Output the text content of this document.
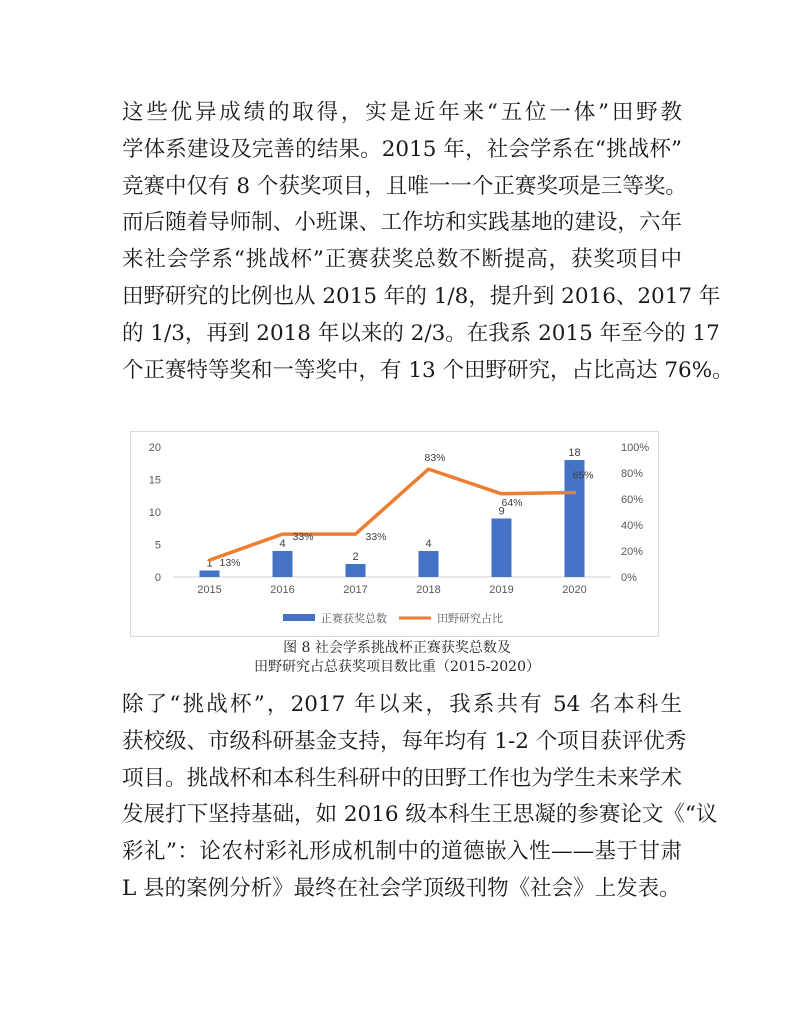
这些优异成绩的取得，实是近年来“五位一体”田野教
学体系建设及完善的结果。2015 年，社会学系在“挑战杯”
竞赛中仅有 8 个获奖项目，且唯一一个正赛奖项是三等奖。
而后随着导师制、小班课、工作坊和实践基地的建设，六年
来社会学系“挑战杯”正赛获奖总数不断提高，获奖项目中
田野研究的比例也从 2015 年的 1/8，提升到 2016、2017 年
的 1/3，再到 2018 年以来的 2/3。在我系 2015 年至今的 17
个正赛特等奖和一等奖中，有 13 个田野研究，占比高达 76%。
0
5
10
15
20
0%
20%
40%
60%
80%
100%
2015	2016	2017	2018	2019	2020
1
4
2
4
9
18
13%
33%	33%
83%
64%
65%
正赛获奖总数	田野研究占比
图 8 社会学系挑战杯正赛获奖总数及
田野研究占总获奖项目数比重（2015-2020）
除了“挑战杯”，2017 年以来，我系共有 54 名本科生
获校级、市级科研基金支持，每年均有 1-2 个项目获评优秀
项目。挑战杯和本科生科研中的田野工作也为学生未来学术
发展打下坚持基础，如 2016 级本科生王思凝的参赛论文《“议
彩礼”：论农村彩礼形成机制中的道德嵌入性——基于甘肃
L 县的案例分析》最终在社会学顶级刊物《社会》上发表。
